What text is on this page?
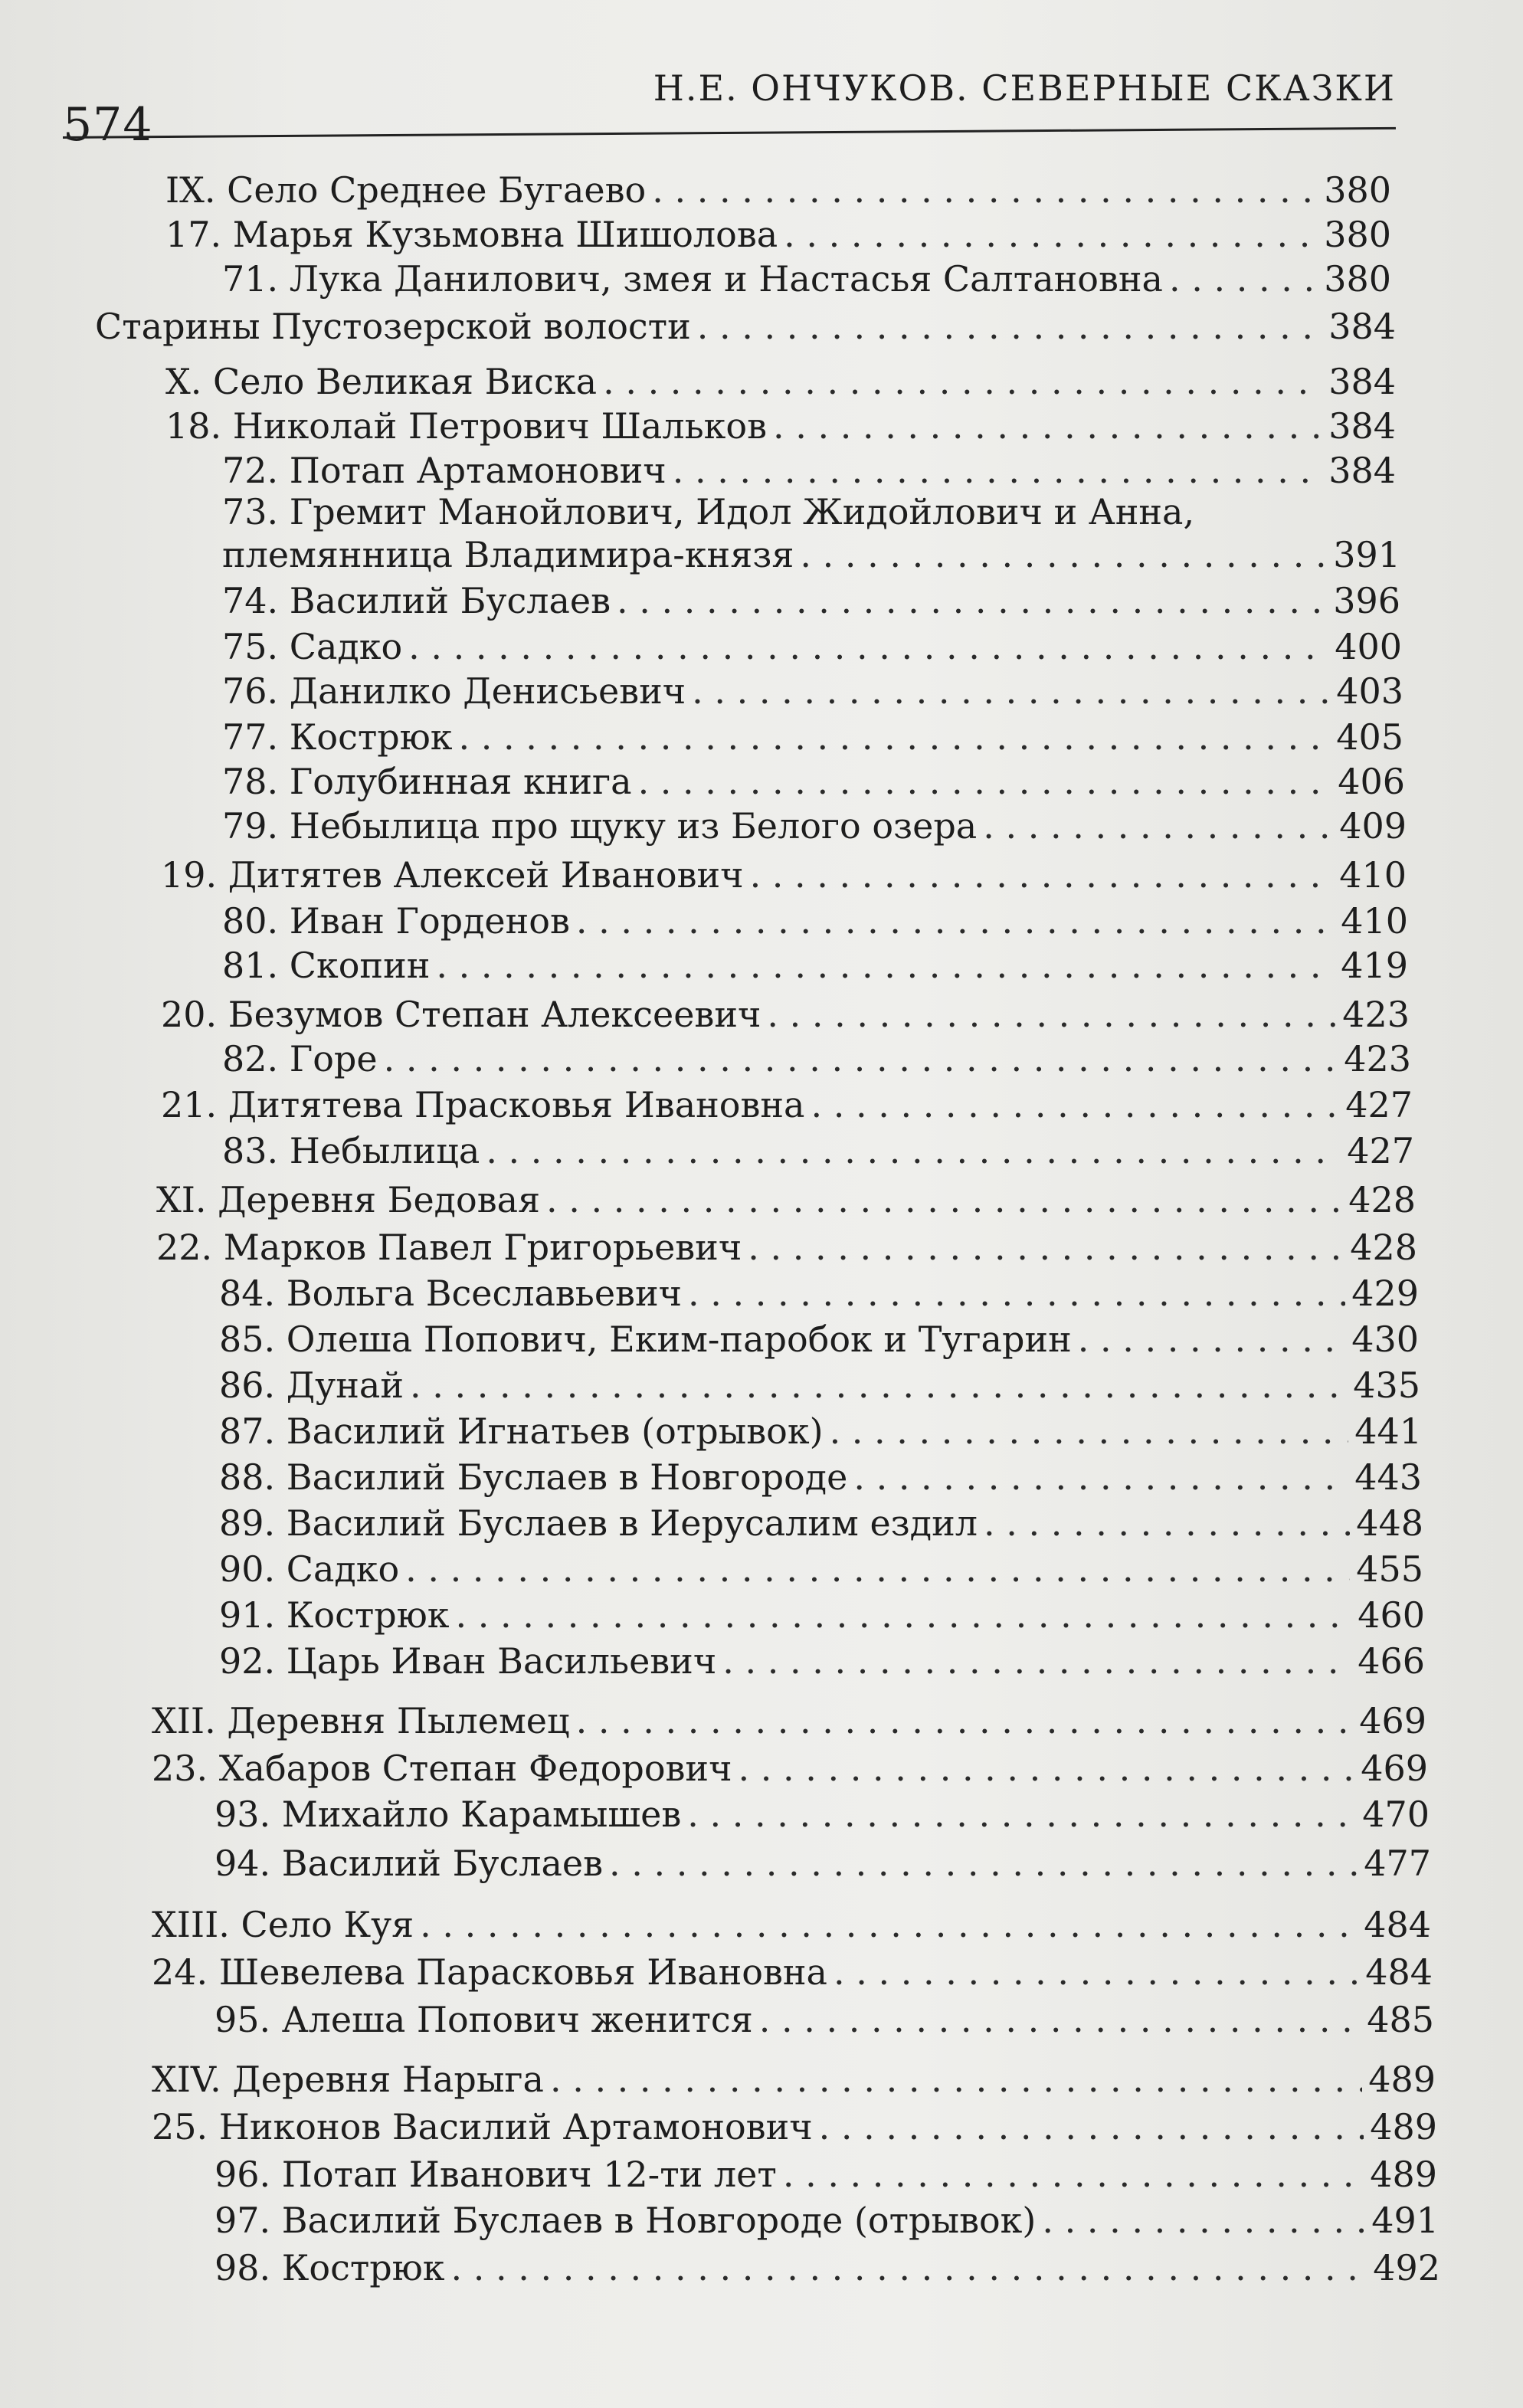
574
Н.Е. ОНЧУКОВ. СЕВЕРНЫЕ СКАЗКИ
IX. Село Среднее Бугаево . . .	380
17. Марья Кузьмовна Шишолова . . .	380
71. Лука Данилович, змея и Настасья Салтановна . . .	380
Старины Пустозерской волости . . .	384
X. Село Великая Виска . . .	384
18. Николай Петрович Шальков . . .	384
72. Потап Артамонович . . .	384
73. Гремит Манойлович, Идол Жидойлович и Анна,
племянница Владимира-князя . . .	391
74. Василий Буслаев . . .	396
75. Садко . . .	400
76. Данилко Денисьевич . . .	403
77. Кострюк . . .	405
78. Голубинная книга . . .	406
79. Небылица про щуку из Белого озера . . .	409
19. Дитятев Алексей Иванович . . .	410
80. Иван Горденов . . .	410
81. Скопин . . .	419
20. Безумов Степан Алексеевич . . .	423
82. Горе . . .	423
21. Дитятева Прасковья Ивановна . . .	427
83. Небылица . . .	427
XI. Деревня Бедовая . . .	428
22. Марков Павел Григорьевич . . .	428
84. Вольга Всеславьевич . . .	429
85. Олеша Попович, Еким-паробок и Тугарин . . .	430
86. Дунай . . .	435
87. Василий Игнатьев (отрывок) . . .	441
88. Василий Буслаев в Новгороде . . .	443
89. Василий Буслаев в Иерусалим ездил . . .	448
90. Садко . . .	455
91. Кострюк . . .	460
92. Царь Иван Васильевич . . .	466
XII. Деревня Пылемец . . .	469
23. Хабаров Степан Федорович . . .	469
93. Михайло Карамышев . . .	470
94. Василий Буслаев . . .	477
XIII. Село Куя . . .	484
24. Шевелева Парасковья Ивановна . . .	484
95. Алеша Попович женится . . .	485
XIV. Деревня Нарыга . . .	489
25. Никонов Василий Артамонович . . .	489
96. Потап Иванович 12-ти лет . . .	489
97. Василий Буслаев в Новгороде (отрывок) . . .	491
98. Кострюк . . .	492
